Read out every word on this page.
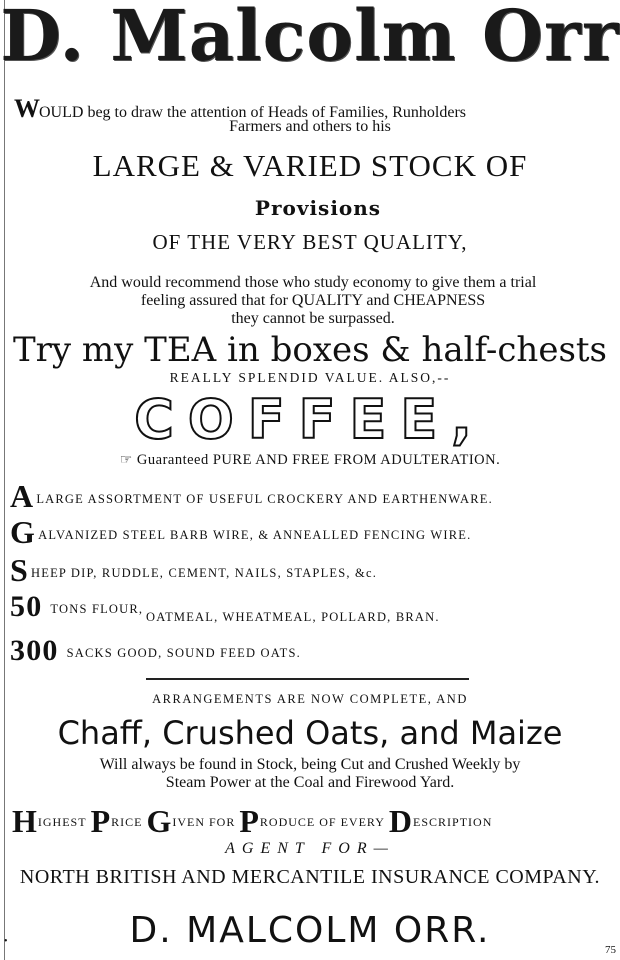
D. Malcolm Orr
WOULD beg to draw the attention of Heads of Families, Runholders
Farmers and others to his
LARGE & VARIED STOCK OF
Provisions
OF THE VERY BEST QUALITY,
And would recommend those who study economy to give them a trial
feeling assured that for QUALITY and CHEAPNESS
they cannot be surpassed.
Try my TEA in boxes & half-chests
REALLY SPLENDID VALUE. ALSO,--
COFFEE,
☞ Guaranteed PURE AND FREE FROM ADULTERATION.
ALARGE ASSORTMENT OF USEFUL CROCKERY AND EARTHENWARE.
GALVANIZED STEEL BARB WIRE, & ANNEALLED FENCING WIRE.
SHEEP DIP, RUDDLE, CEMENT, NAILS, STAPLES, &c.
50 TONS FLOUR,
OATMEAL, WHEATMEAL, POLLARD, BRAN.
300 SACKS GOOD, SOUND FEED OATS.
ARRANGEMENTS ARE NOW COMPLETE, AND
Chaff, Crushed Oats, and Maize
Will always be found in Stock, being Cut and Crushed Weekly by
Steam Power at the Coal and Firewood Yard.
HIGHEST PRICE GIVEN FOR PRODUCE OF EVERY DESCRIPTION
AGENT FOR—
NORTH BRITISH AND MERCANTILE INSURANCE COMPANY.
D. MALCOLM ORR.	75
•
